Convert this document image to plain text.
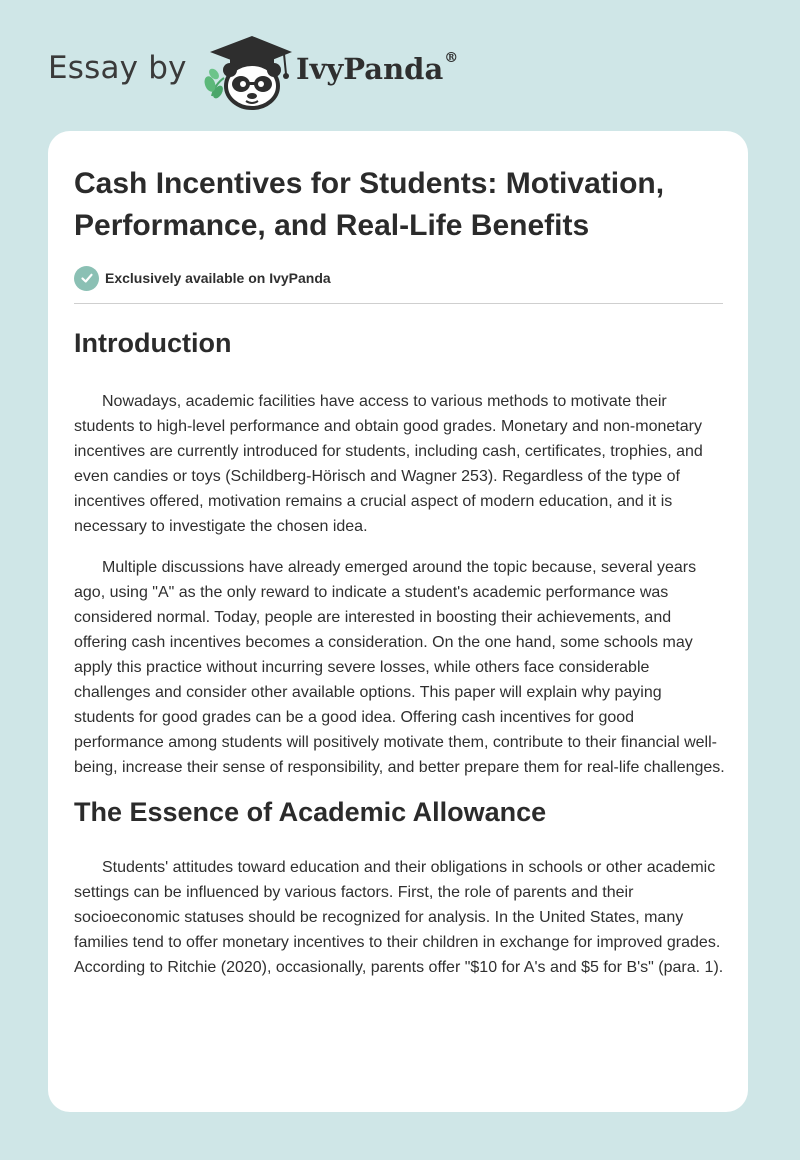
Essay by	IvyPanda®
Cash Incentives for Students: Motivation, Performance, and Real-Life Benefits
Exclusively available on IvyPanda
Introduction

Nowadays, academic facilities have access to various methods to motivate their students to high-level performance and obtain good grades. Monetary and non-monetary incentives are currently introduced for students, including cash, certificates, trophies, and even candies or toys (Schildberg-Hörisch and Wagner 253). Regardless of the type of incentives offered, motivation remains a crucial aspect of modern education, and it is necessary to investigate the chosen idea.

Multiple discussions have already emerged around the topic because, several years ago, using "A" as the only reward to indicate a student's academic performance was considered normal. Today, people are interested in boosting their achievements, and offering cash incentives becomes a consideration. On the one hand, some schools may apply this practice without incurring severe losses, while others face considerable challenges and consider other available options. This paper will explain why paying students for good grades can be a good idea. Offering cash incentives for good performance among students will positively motivate them, contribute to their financial well-being, increase their sense of responsibility, and better prepare them for real-life challenges.

The Essence of Academic Allowance

Students' attitudes toward education and their obligations in schools or other academic settings can be influenced by various factors. First, the role of parents and their socioeconomic statuses should be recognized for analysis. In the United States, many families tend to offer monetary incentives to their children in exchange for improved grades. According to Ritchie (2020), occasionally, parents offer "$10 for A's and $5 for B's" (para. 1).
